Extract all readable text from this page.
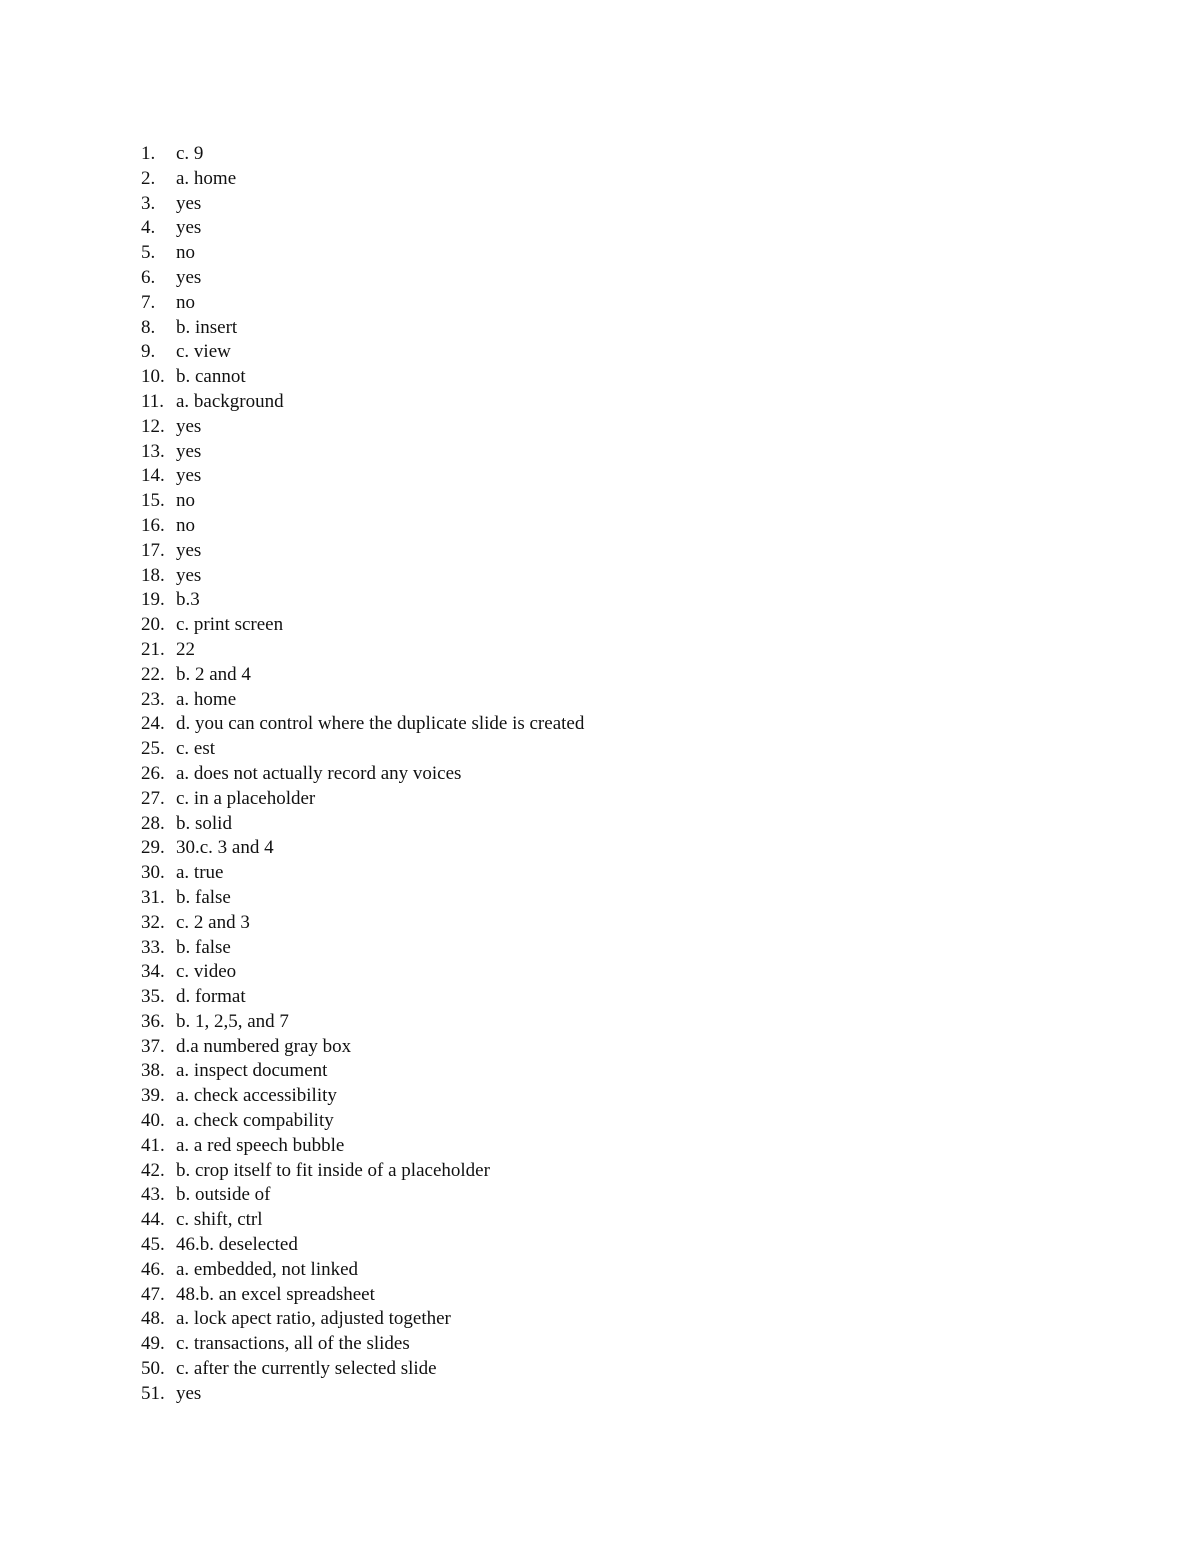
1.	c. 9
2.	a. home
3.	yes
4.	yes
5.	no
6.	yes
7.	no
8.	b. insert
9.	c. view
10. b. cannot
11. a. background
12. yes
13. yes
14. yes
15. no
16. no
17. yes
18. yes
19. b.3
20. c. print screen
21. 22
22. b. 2 and 4
23. a. home
24. d. you can control where the duplicate slide is created
25. c. est
26. a. does not actually record any voices
27. c. in a placeholder
28. b. solid
29. 30.c. 3 and 4
30. a. true
31. b. false
32. c. 2 and 3
33. b. false
34. c. video
35. d. format
36. b. 1, 2,5, and 7
37. d.a numbered gray box
38. a. inspect document
39. a. check accessibility
40. a. check compability
41. a. a red speech bubble
42. b. crop itself to fit inside of a placeholder
43. b. outside of
44. c. shift, ctrl
45. 46.b. deselected
46. a. embedded, not linked
47. 48.b. an excel spreadsheet
48. a. lock apect ratio, adjusted together
49. c. transactions, all of the slides
50. c. after the currently selected slide
51. yes
